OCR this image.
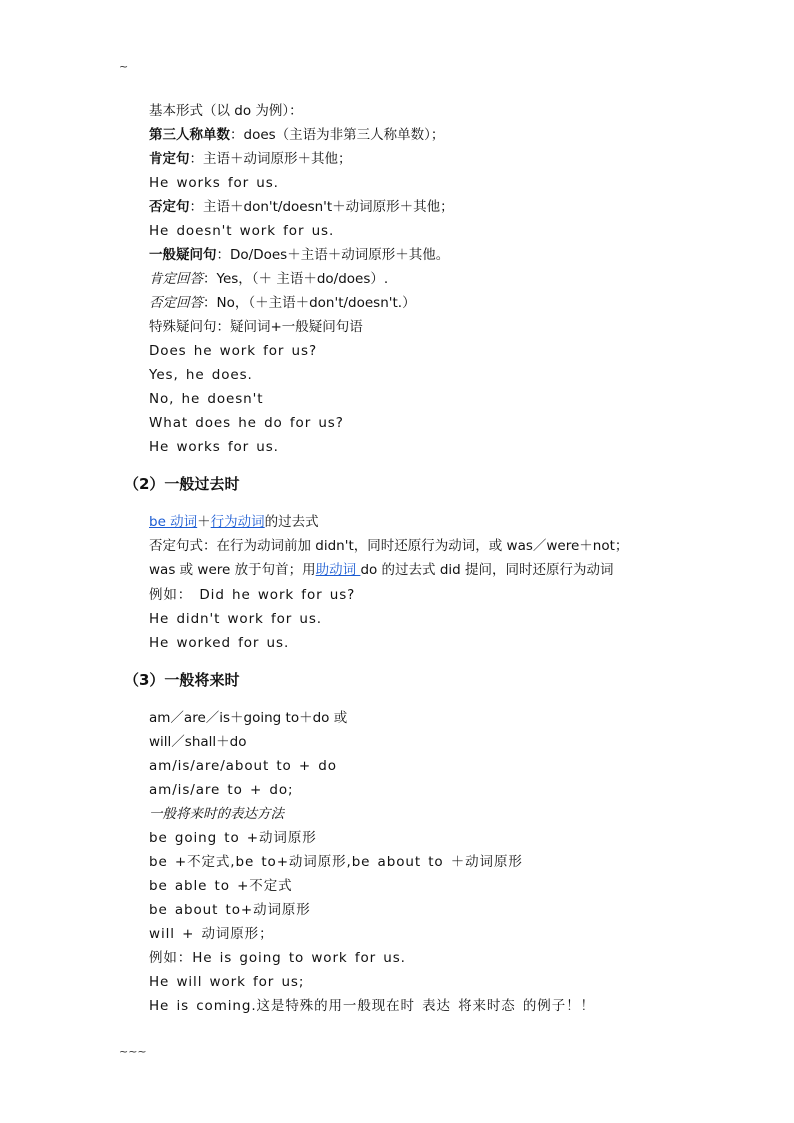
~
基本形式（以 do 为例）：
第三人称单数：does（主语为非第三人称单数）；
肯定句：主语＋动词原形＋其他；
He works for us.
否定句：主语＋don't/doesn't＋动词原形＋其他；
He doesn't work for us.
一般疑问句：Do/Does＋主语＋动词原形＋其他。
肯定回答：Yes，（＋ 主语＋do/does）.
否定回答：No，（＋主语＋don't/doesn't.）
特殊疑问句：疑问词+一般疑问句语
Does he work for us?
Yes, he does.
No, he doesn't
What does he do for us?
He works for us.
（2）一般过去时
be 动词＋行为动词的过去式
否定句式：在行为动词前加 didn't，同时还原行为动词，或 was／were＋not；
was 或 were 放于句首；用助动词 do 的过去式 did 提问，同时还原行为动词
例如： Did he work for us?
He didn't work for us.
He worked for us.
（3）一般将来时
am／are／is＋going to＋do 或
will／shall＋do
am/is/are/about to + do
am/is/are to + do;
一般将来时的表达方法
be going to +动词原形
be +不定式,be to+动词原形,be about to ＋动词原形
be able to +不定式
be about to+动词原形
will + 动词原形；
例如：He is going to work for us.
He will work for us;
He is coming.这是特殊的用一般现在时 表达 将来时态 的例子！！
~~~
